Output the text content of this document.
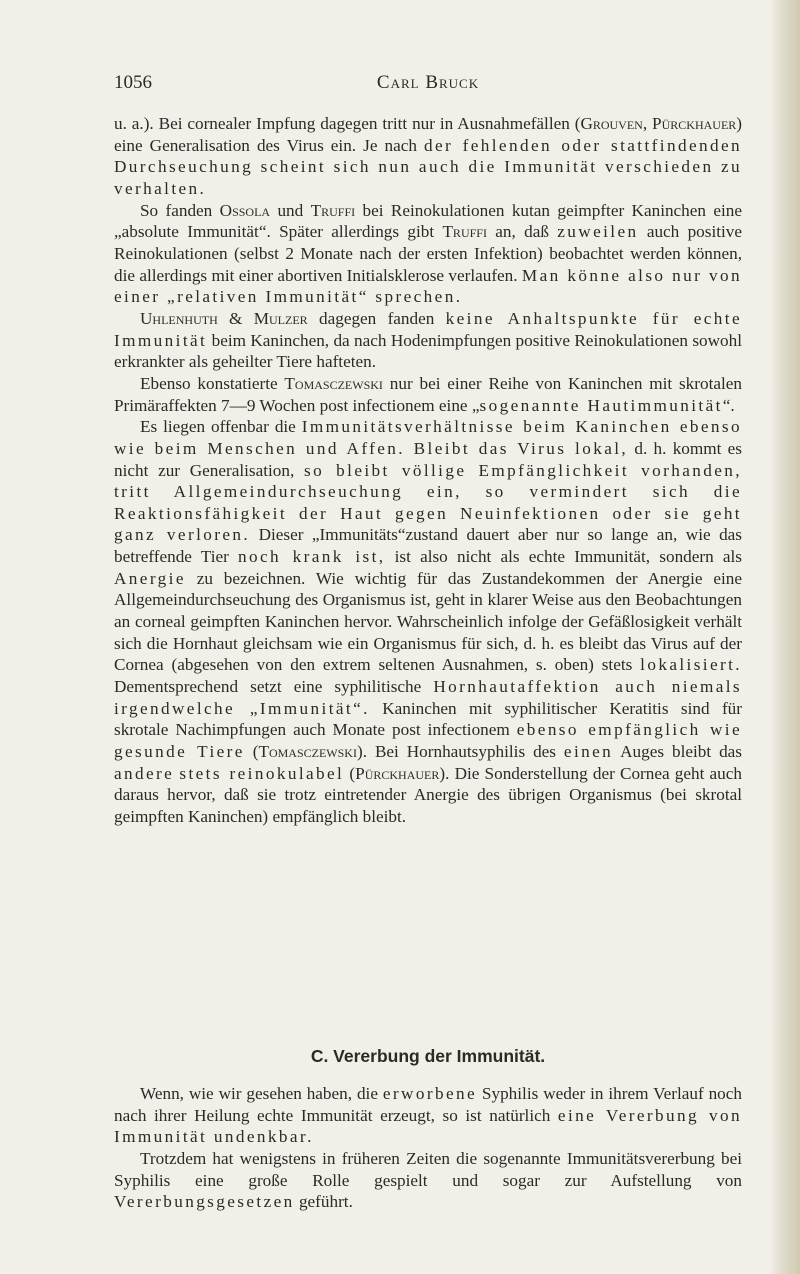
1056	Carl Bruck

u. a.). Bei cornealer Impfung dagegen tritt nur in Ausnahmefällen (Grouven, Pürckhauer) eine Generalisation des Virus ein. Je nach der fehlenden oder stattfindenden Durchseuchung scheint sich nun auch die Immunität verschieden zu verhalten.

So fanden Ossola und Truffi bei Reinokulationen kutan geimpfter Kaninchen eine „absolute Immunität“. Später allerdings gibt Truffi an, daß zuweilen auch positive Reinokulationen (selbst 2 Monate nach der ersten Infektion) beobachtet werden können, die allerdings mit einer abortiven Initialsklerose verlaufen. Man könne also nur von einer „relativen Immunität“ sprechen.

Uhlenhuth & Mulzer dagegen fanden keine Anhaltspunkte für echte Immunität beim Kaninchen, da nach Hodenimpfungen positive Reinokulationen sowohl erkrankter als geheilter Tiere hafteten.

Ebenso konstatierte Tomasczewski nur bei einer Reihe von Kaninchen mit skrotalen Primäraffekten 7—9 Wochen post infectionem eine „sogenannte Hautimmunität“.

Es liegen offenbar die Immunitätsverhältnisse beim Kaninchen ebenso wie beim Menschen und Affen. Bleibt das Virus lokal, d. h. kommt es nicht zur Generalisation, so bleibt völlige Empfänglichkeit vorhanden, tritt Allgemeindurchseuchung ein, so vermindert sich die Reaktionsfähigkeit der Haut gegen Neuinfektionen oder sie geht ganz verloren. Dieser „Immunitäts“zustand dauert aber nur so lange an, wie das betreffende Tier noch krank ist, ist also nicht als echte Immunität, sondern als Anergie zu bezeichnen. Wie wichtig für das Zustandekommen der Anergie eine Allgemeindurchseuchung des Organismus ist, geht in klarer Weise aus den Beobachtungen an corneal geimpften Kaninchen hervor. Wahrscheinlich infolge der Gefäßlosigkeit verhält sich die Hornhaut gleichsam wie ein Organismus für sich, d. h. es bleibt das Virus auf der Cornea (abgesehen von den extrem seltenen Ausnahmen, s. oben) stets lokalisiert. Dementsprechend setzt eine syphilitische Hornhautaffektion auch niemals irgendwelche „Immunität“. Kaninchen mit syphilitischer Keratitis sind für skrotale Nachimpfungen auch Monate post infectionem ebenso empfänglich wie gesunde Tiere (Tomasczewski). Bei Hornhautsyphilis des einen Auges bleibt das andere stets reinokulabel (Pürckhauer). Die Sonderstellung der Cornea geht auch daraus hervor, daß sie trotz eintretender Anergie des übrigen Organismus (bei skrotal geimpften Kaninchen) empfänglich bleibt.

C. Vererbung der Immunität.

Wenn, wie wir gesehen haben, die erworbene Syphilis weder in ihrem Verlauf noch nach ihrer Heilung echte Immunität erzeugt, so ist natürlich eine Vererbung von Immunität undenkbar.

Trotzdem hat wenigstens in früheren Zeiten die sogenannte Immunitätsvererbung bei Syphilis eine große Rolle gespielt und sogar zur Aufstellung von Vererbungsgesetzen geführt.
